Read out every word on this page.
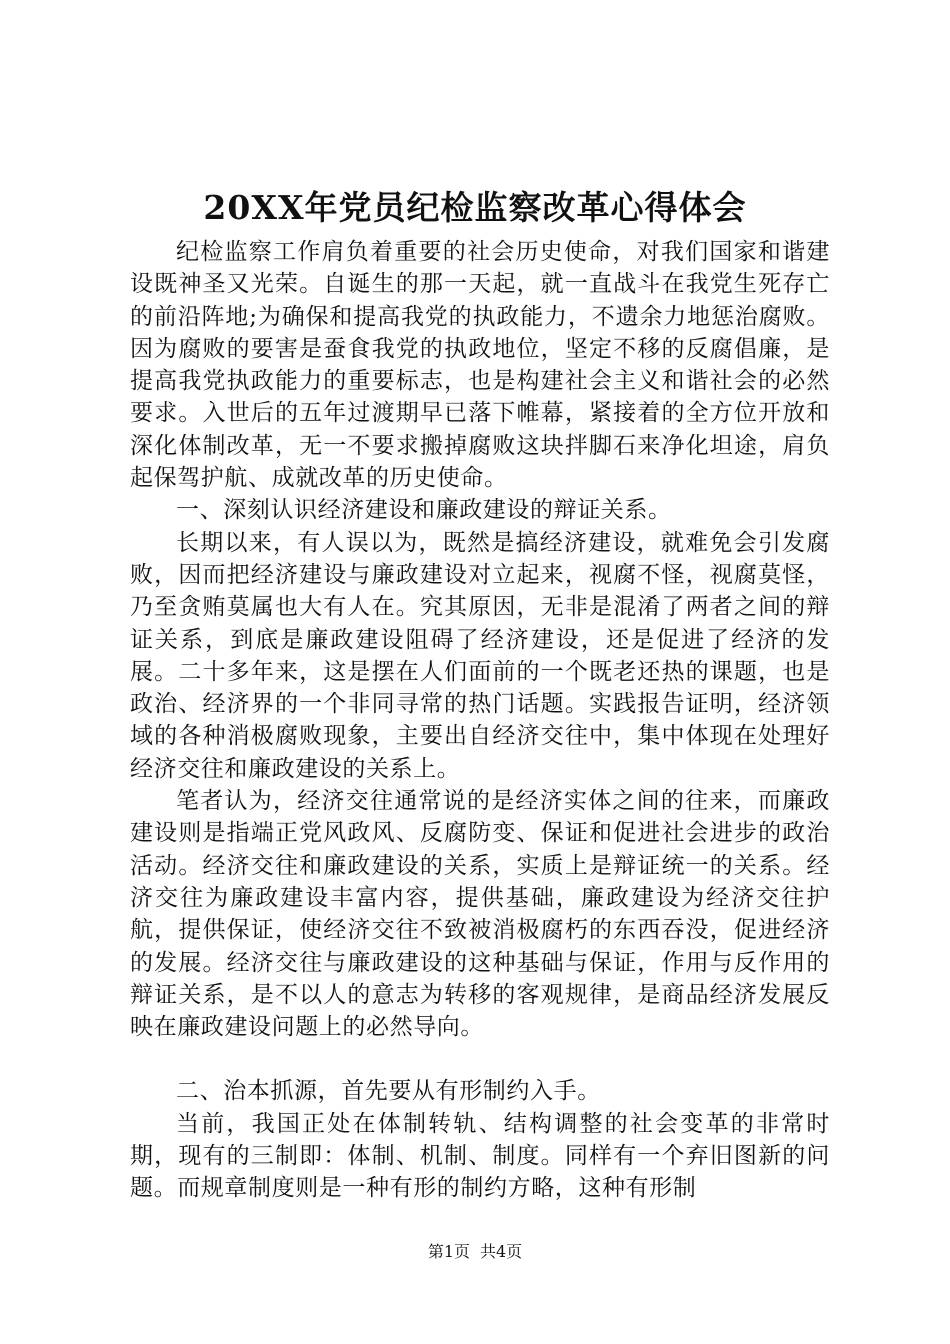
20XX年党员纪检监察改革心得体会

纪检监察工作肩负着重要的社会历史使命，对我们国家和谐建设既神圣又光荣。自诞生的那一天起，就一直战斗在我党生死存亡的前沿阵地;为确保和提高我党的执政能力，不遗余力地惩治腐败。因为腐败的要害是蚕食我党的执政地位，坚定不移的反腐倡廉，是提高我党执政能力的重要标志，也是构建社会主义和谐社会的必然要求。入世后的五年过渡期早已落下帷幕，紧接着的全方位开放和深化体制改革，无一不要求搬掉腐败这块拌脚石来净化坦途，肩负起保驾护航、成就改革的历史使命。

一、深刻认识经济建设和廉政建设的辩证关系。

长期以来，有人误以为，既然是搞经济建设，就难免会引发腐败，因而把经济建设与廉政建设对立起来，视腐不怪，视腐莫怪，乃至贪贿莫属也大有人在。究其原因，无非是混淆了两者之间的辩证关系，到底是廉政建设阻碍了经济建设，还是促进了经济的发展。二十多年来，这是摆在人们面前的一个既老还热的课题，也是政治、经济界的一个非同寻常的热门话题。实践报告证明，经济领域的各种消极腐败现象，主要出自经济交往中，集中体现在处理好经济交往和廉政建设的关系上。

笔者认为，经济交往通常说的是经济实体之间的往来，而廉政建设则是指端正党风政风、反腐防变、保证和促进社会进步的政治活动。经济交往和廉政建设的关系，实质上是辩证统一的关系。经济交往为廉政建设丰富内容，提供基础，廉政建设为经济交往护航，提供保证，使经济交往不致被消极腐朽的东西吞没，促进经济的发展。经济交往与廉政建设的这种基础与保证，作用与反作用的辩证关系，是不以人的意志为转移的客观规律，是商品经济发展反映在廉政建设问题上的必然导向。

二、治本抓源，首先要从有形制约入手。

当前，我国正处在体制转轨、结构调整的社会变革的非常时期，现有的三制即：体制、机制、制度。同样有一个弃旧图新的问题。而规章制度则是一种有形的制约方略，这种有形制

第1页 共4页
